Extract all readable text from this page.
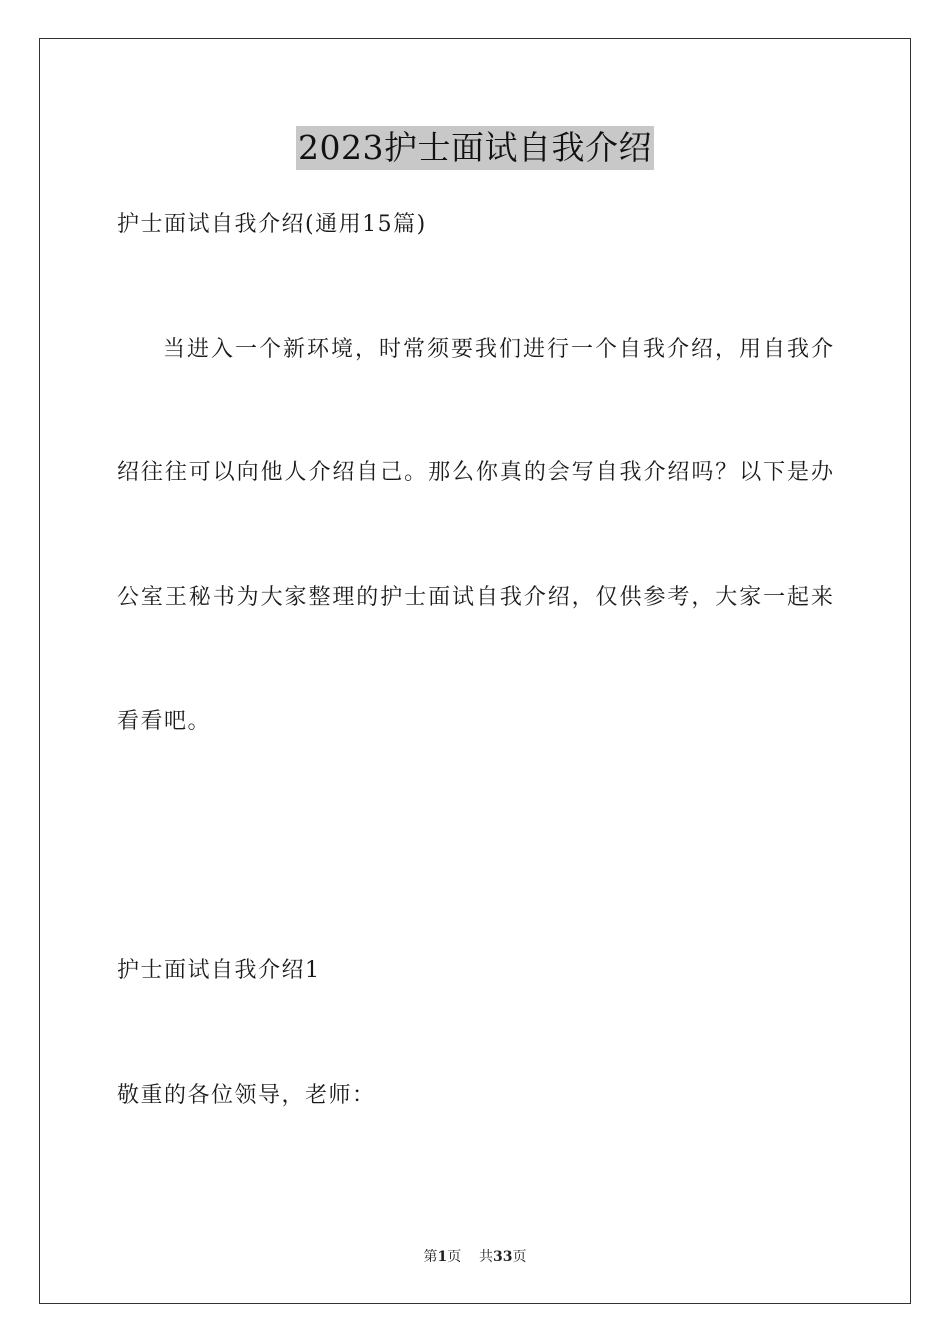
2023护士面试自我介绍
护士面试自我介绍(通用15篇)
当进入一个新环境，时常须要我们进行一个自我介绍，用自我介
绍往往可以向他人介绍自己。那么你真的会写自我介绍吗？以下是办
公室王秘书为大家整理的护士面试自我介绍，仅供参考，大家一起来
看看吧。
护士面试自我介绍1
敬重的各位领导，老师：
第1页 共33页
